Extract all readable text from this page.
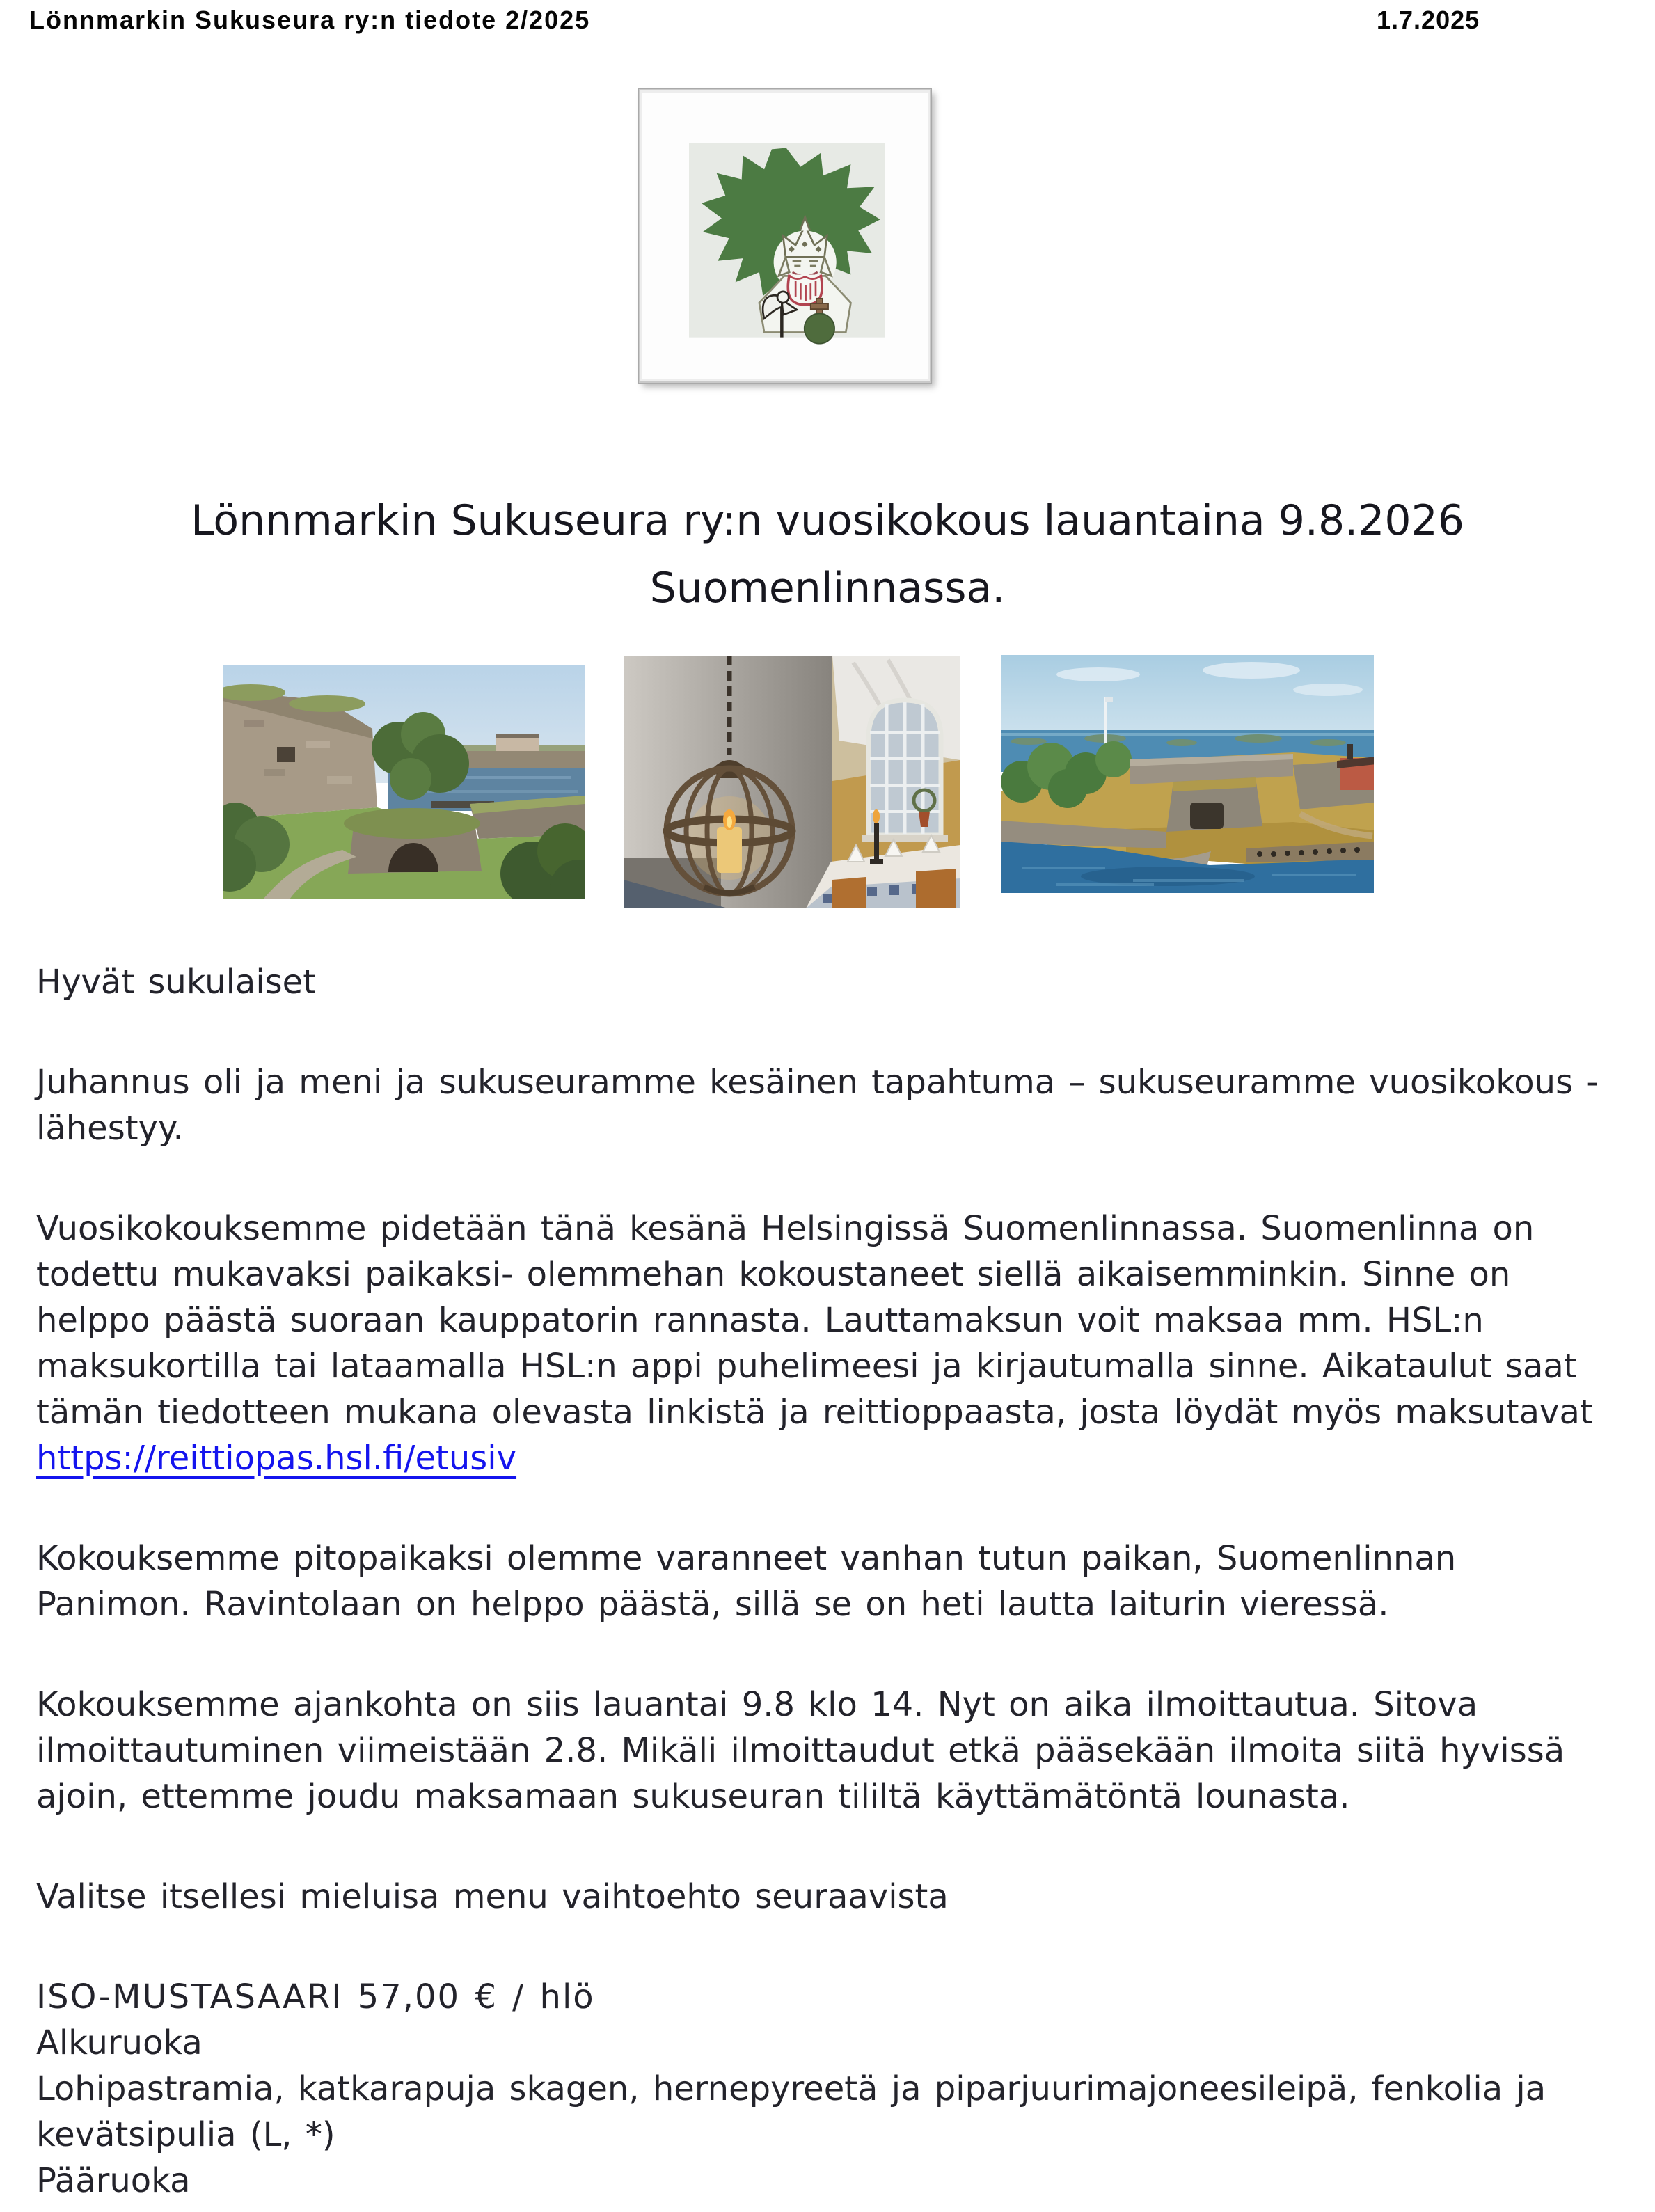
Lönnmarkin Sukuseura ry:n tiedote 2/2025	1.7.2025
Lönnmarkin Sukuseura ry:n vuosikokous lauantaina 9.8.2026 Suomenlinnassa.

Hyvät sukulaiset

Juhannus oli ja meni ja sukuseuramme kesäinen tapahtuma – sukuseuramme vuosikokous - lähestyy.

Vuosikokouksemme pidetään tänä kesänä Helsingissä Suomenlinnassa. Suomenlinna on todettu mukavaksi paikaksi- olemmehan kokoustaneet siellä aikaisemminkin. Sinne on helppo päästä suoraan kauppatorin rannasta. Lauttamaksun voit maksaa mm. HSL:n maksukortilla tai lataamalla HSL:n appi puhelimeesi ja kirjautumalla sinne. Aikataulut saat tämän tiedotteen mukana olevasta linkistä ja reittioppaasta, josta löydät myös maksutavat https://reittiopas.hsl.fi/etusiv

Kokouksemme pitopaikaksi olemme varanneet vanhan tutun paikan, Suomenlinnan Panimon. Ravintolaan on helppo päästä, sillä se on heti lautta laiturin vieressä.

Kokouksemme ajankohta on siis lauantai 9.8 klo 14. Nyt on aika ilmoittautua. Sitova ilmoittautuminen viimeistään 2.8. Mikäli ilmoittaudut etkä pääsekään ilmoita siitä hyvissä ajoin, ettemme joudu maksamaan sukuseuran tililtä käyttämätöntä lounasta.

Valitse itsellesi mieluisa menu vaihtoehto seuraavista

ISO-MUSTASAARI 57,00 € / hlö

Alkuruoka

Lohipastramia, katkarapuja skagen, hernepyreetä ja piparjuurimajoneesileipä, fenkolia ja kevätsipulia (L, *)

Pääruoka
